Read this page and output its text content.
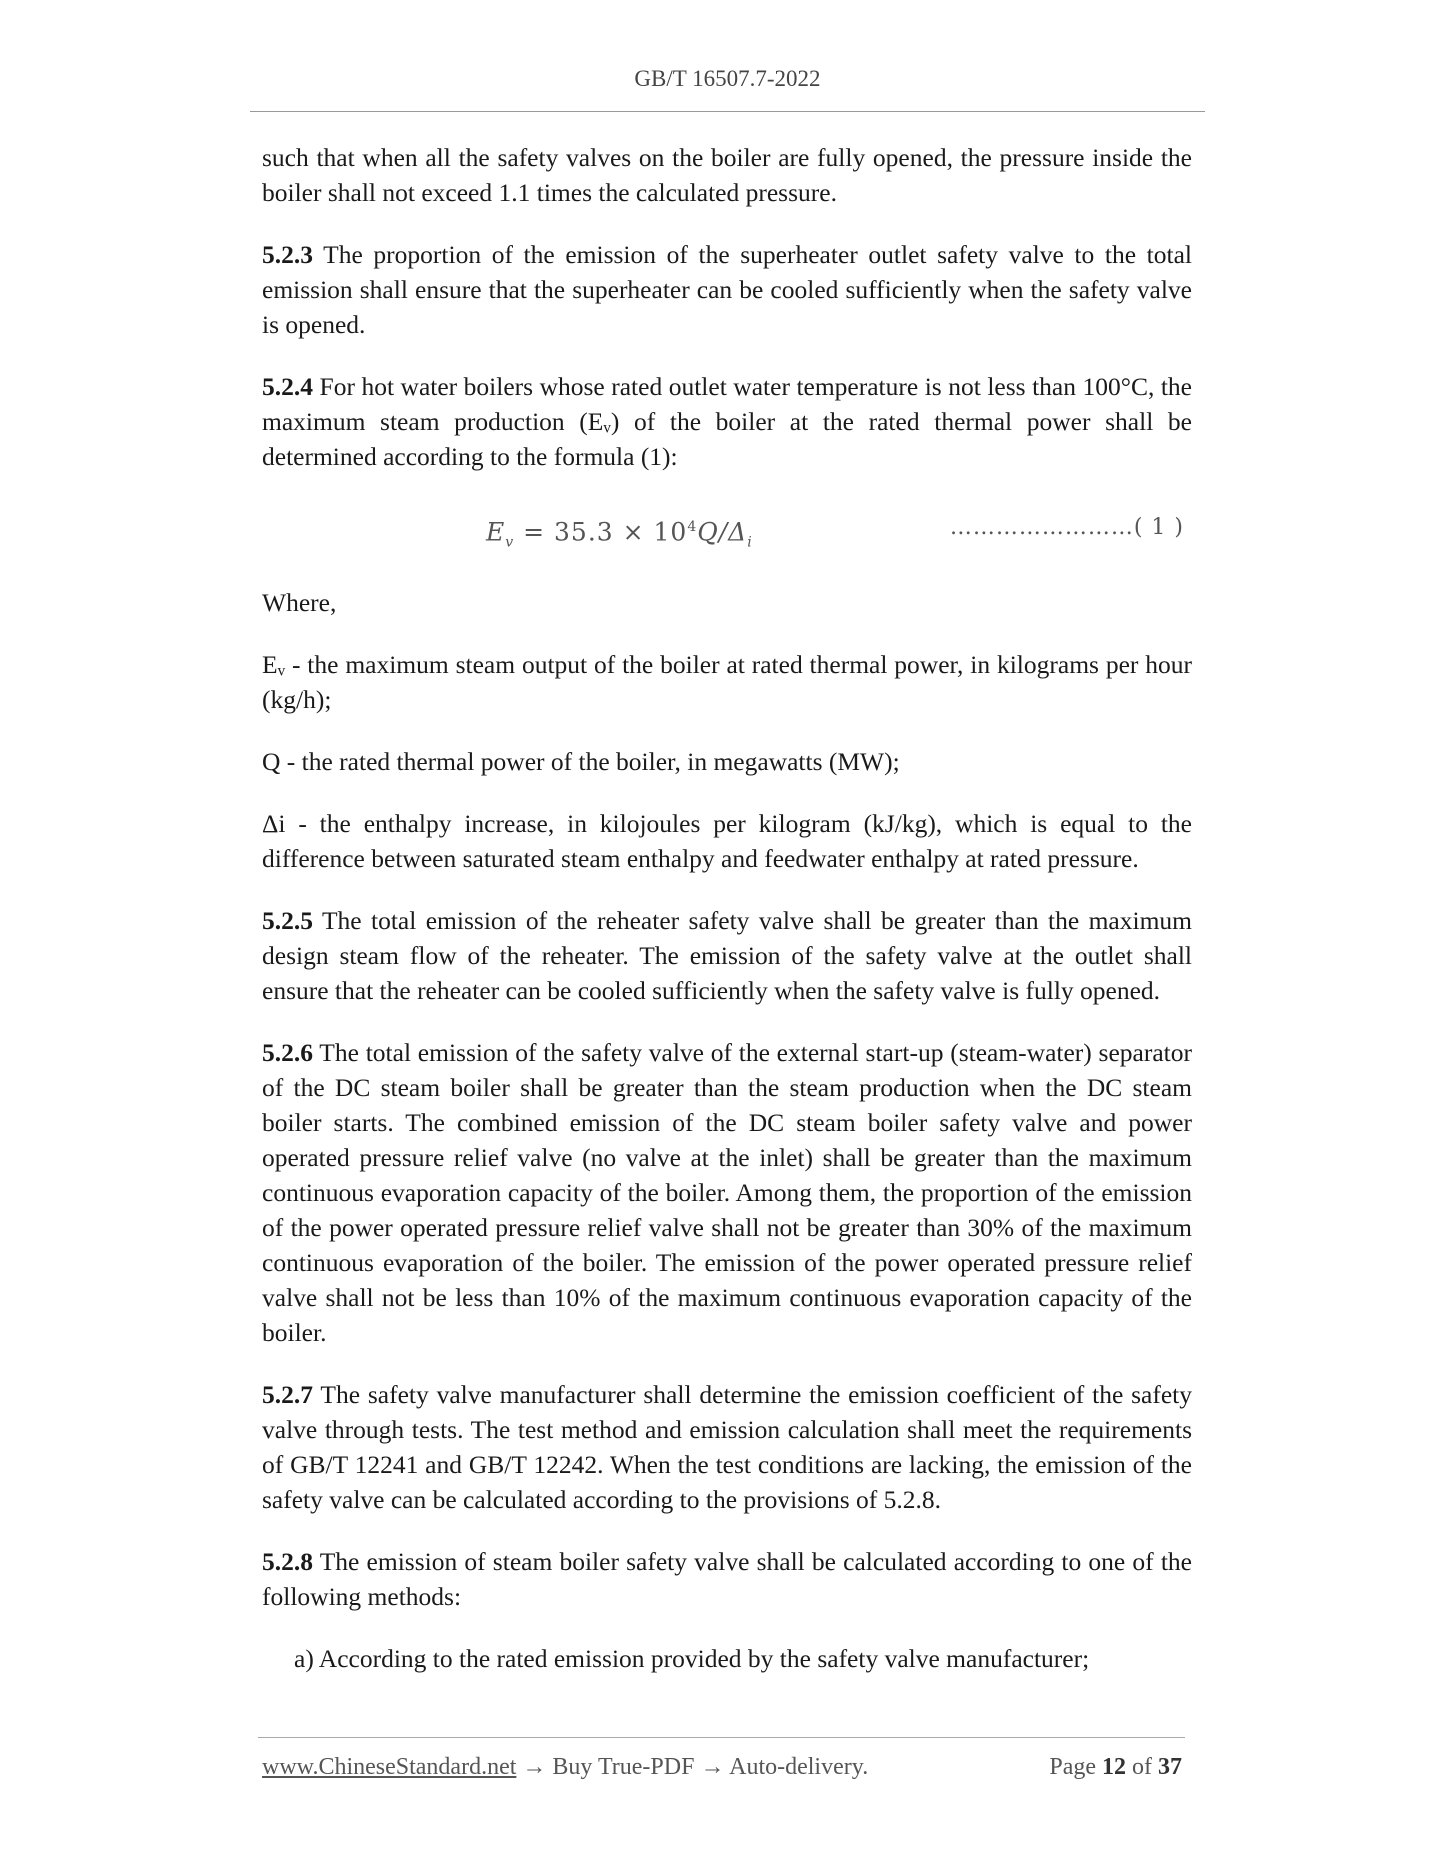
GB/T 16507.7-2022

such that when all the safety valves on the boiler are fully opened, the pressure inside the boiler shall not exceed 1.1 times the calculated pressure.

5.2.3 The proportion of the emission of the superheater outlet safety valve to the total emission shall ensure that the superheater can be cooled sufficiently when the safety valve is opened.

5.2.4 For hot water boilers whose rated outlet water temperature is not less than 100°C, the maximum steam production (Eᵥ) of the boiler at the rated thermal power shall be determined according to the formula (1):

$E_v = 35.3 \times 10^4Q/\Delta_i$
……………………( 1 )

Where,

Eᵥ - the maximum steam output of the boiler at rated thermal power, in kilograms per hour (kg/h);

Q - the rated thermal power of the boiler, in megawatts (MW);

Δi - the enthalpy increase, in kilojoules per kilogram (kJ/kg), which is equal to the difference between saturated steam enthalpy and feedwater enthalpy at rated pressure.

5.2.5 The total emission of the reheater safety valve shall be greater than the maximum design steam flow of the reheater. The emission of the safety valve at the outlet shall ensure that the reheater can be cooled sufficiently when the safety valve is fully opened.

5.2.6 The total emission of the safety valve of the external start-up (steam-water) separator of the DC steam boiler shall be greater than the steam production when the DC steam boiler starts. The combined emission of the DC steam boiler safety valve and power operated pressure relief valve (no valve at the inlet) shall be greater than the maximum continuous evaporation capacity of the boiler. Among them, the proportion of the emission of the power operated pressure relief valve shall not be greater than 30% of the maximum continuous evaporation of the boiler. The emission of the power operated pressure relief valve shall not be less than 10% of the maximum continuous evaporation capacity of the boiler.

5.2.7 The safety valve manufacturer shall determine the emission coefficient of the safety valve through tests. The test method and emission calculation shall meet the requirements of GB/T 12241 and GB/T 12242. When the test conditions are lacking, the emission of the safety valve can be calculated according to the provisions of 5.2.8.

5.2.8 The emission of steam boiler safety valve shall be calculated according to one of the following methods:

a) According to the rated emission provided by the safety valve manufacturer;

www.ChineseStandard.net → Buy True-PDF → Auto-delivery.	Page 12 of 37
